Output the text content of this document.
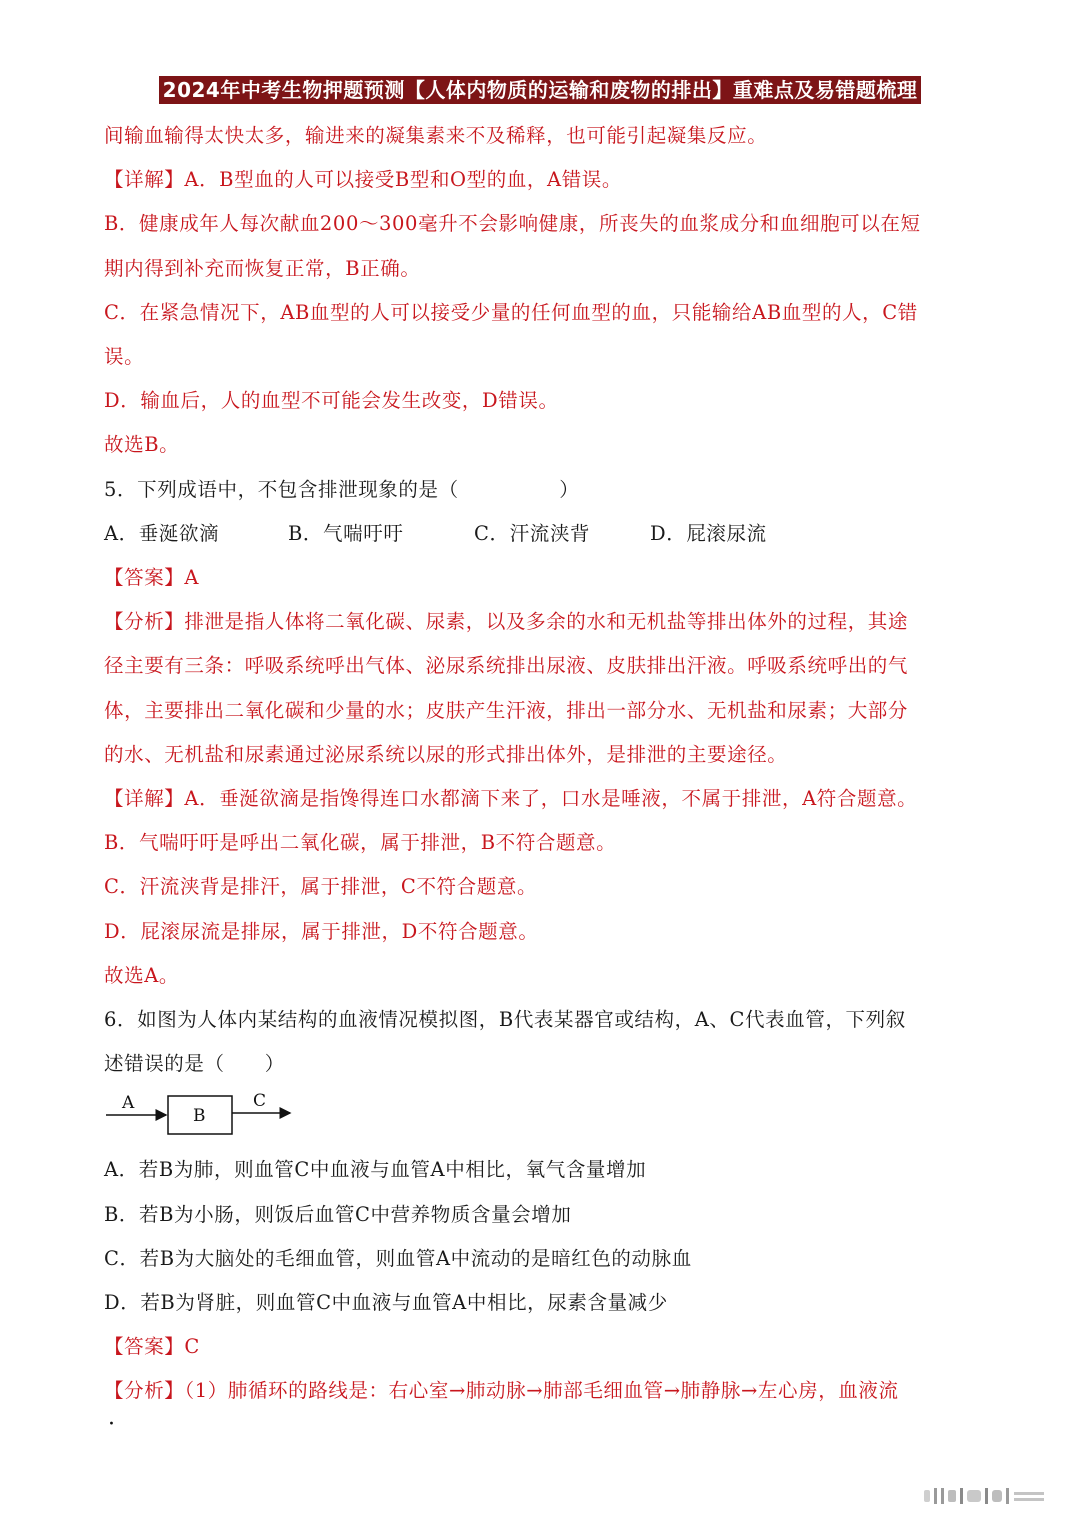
2024年中考生物押题预测【人体内物质的运输和废物的排出】重难点及易错题梳理
间输血输得太快太多，输进来的凝集素来不及稀释，也可能引起凝集反应。
【详解】A．B型血的人可以接受B型和O型的血，A错误。
B．健康成年人每次献血200～300毫升不会影响健康，所丧失的血浆成分和血细胞可以在短
期内得到补充而恢复正常，B正确。
C．在紧急情况下，AB血型的人可以接受少量的任何血型的血，只能输给AB血型的人，C错
误。
D．输血后，人的血型不可能会发生改变，D错误。
故选B。
5．下列成语中，不包含排泄现象的是（　　　　　）
A．垂涎欲滴	B．气喘吁吁	C．汗流浃背	D．屁滚尿流
【答案】A
【分析】排泄是指人体将二氧化碳、尿素，以及多余的水和无机盐等排出体外的过程，其途
径主要有三条：呼吸系统呼出气体、泌尿系统排出尿液、皮肤排出汗液。呼吸系统呼出的气
体，主要排出二氧化碳和少量的水；皮肤产生汗液，排出一部分水、无机盐和尿素；大部分
的水、无机盐和尿素通过泌尿系统以尿的形式排出体外，是排泄的主要途径。
【详解】A．垂涎欲滴是指馋得连口水都滴下来了，口水是唾液，不属于排泄，A符合题意。
B．气喘吁吁是呼出二氧化碳，属于排泄，B不符合题意。
C．汗流浃背是排汗，属于排泄，C不符合题意。
D．屁滚尿流是排尿，属于排泄，D不符合题意。
故选A。
6．如图为人体内某结构的血液情况模拟图，B代表某器官或结构，A、C代表血管，下列叙
述错误的是（　　）
A
B
C
A．若B为肺，则血管C中血液与血管A中相比，氧气含量增加
B．若B为小肠，则饭后血管C中营养物质含量会增加
C．若B为大脑处的毛细血管，则血管A中流动的是暗红色的动脉血
D．若B为肾脏，则血管C中血液与血管A中相比，尿素含量减少
【答案】C
【分析】（1）肺循环的路线是：右心室→肺动脉→肺部毛细血管→肺静脉→左心房，血液流
·
